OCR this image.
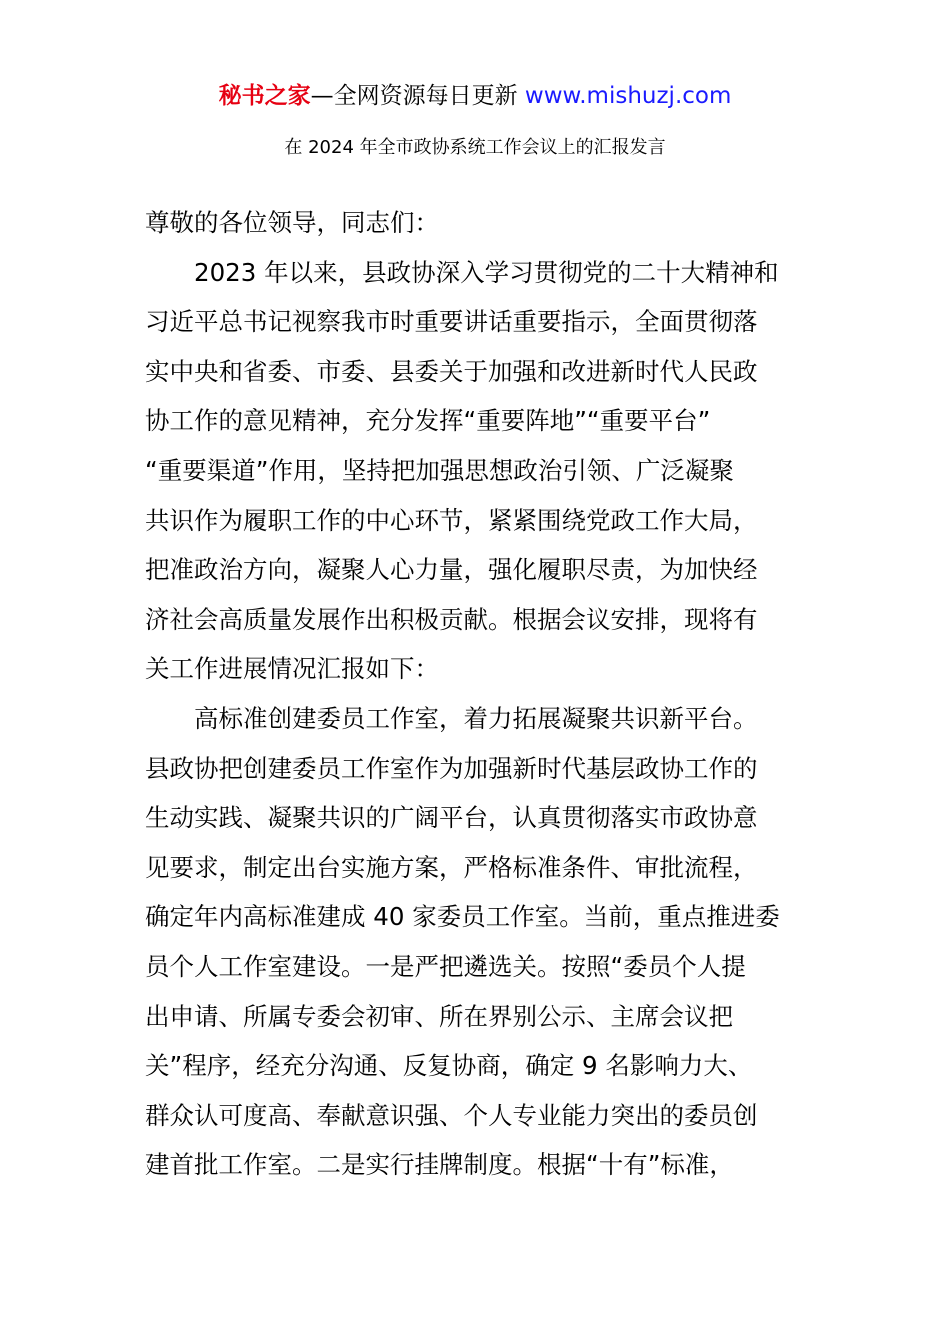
秘书之家—全网资源每日更新 www.mishuzj.com
在 2024 年全市政协系统工作会议上的汇报发言
尊敬的各位领导，同志们：
2023 年以来，县政协深入学习贯彻党的二十大精神和
习近平总书记视察我市时重要讲话重要指示，全面贯彻落
实中央和省委、市委、县委关于加强和改进新时代人民政
协工作的意见精神，充分发挥“重要阵地”“重要平台”
“重要渠道”作用，坚持把加强思想政治引领、广泛凝聚
共识作为履职工作的中心环节，紧紧围绕党政工作大局，
把准政治方向，凝聚人心力量，强化履职尽责，为加快经
济社会高质量发展作出积极贡献。根据会议安排，现将有
关工作进展情况汇报如下：
高标准创建委员工作室，着力拓展凝聚共识新平台。
县政协把创建委员工作室作为加强新时代基层政协工作的
生动实践、凝聚共识的广阔平台，认真贯彻落实市政协意
见要求，制定出台实施方案，严格标准条件、审批流程，
确定年内高标准建成 40 家委员工作室。当前，重点推进委
员个人工作室建设。一是严把遴选关。按照“委员个人提
出申请、所属专委会初审、所在界别公示、主席会议把
关”程序，经充分沟通、反复协商，确定 9 名影响力大、
群众认可度高、奉献意识强、个人专业能力突出的委员创
建首批工作室。二是实行挂牌制度。根据“十有”标准，
